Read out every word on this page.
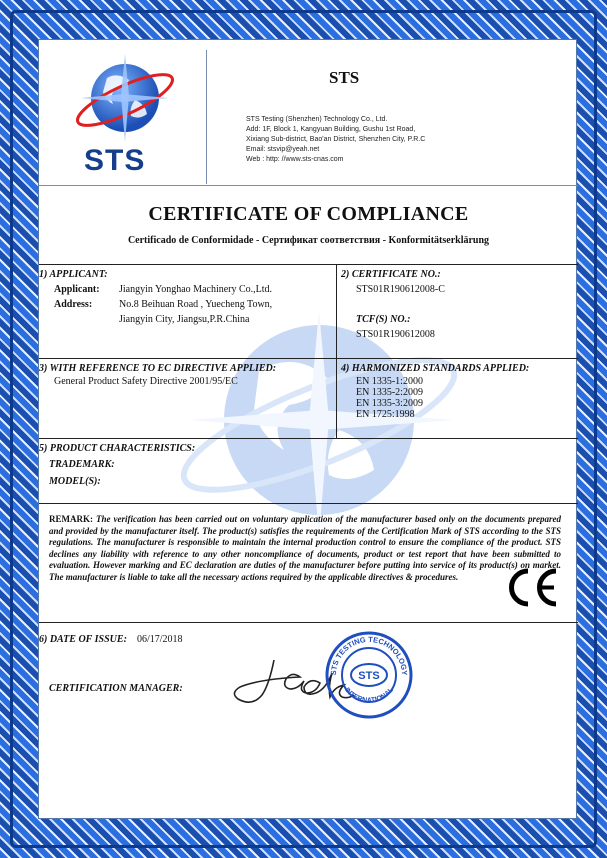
STS
STS
STS Testing (Shenzhen) Technology Co., Ltd.
Add: 1F, Block 1, Kangyuan Building, Gushu 1st Road,
Xixiang Sub-district, Bao'an District, Shenzhen City, P.R.C
Email: stsvip@yeah.net
Web : http: //www.sts-cnas.com
CERTIFICATE OF COMPLIANCE
Certificado de Conformidade - Сертификат соответствия - Konformitätserklärung
1) APPLICANT:
Applicant: Jiangyin Yonghao Machinery Co.,Ltd.
Address:	No.8 Beihuan Road , Yuecheng Town,
Jiangyin City, Jiangsu,P.R.China
2) CERTIFICATE NO.:
STS01R190612008-C
TCF(S) NO.:
STS01R190612008
3) WITH REFERENCE TO EC DIRECTIVE APPLIED:
General Product Safety Directive 2001/95/EC
4) HARMONIZED STANDARDS APPLIED:
EN 1335-1:2000
EN 1335-2:2009
EN 1335-3:2009
EN 1725:1998
5) PRODUCT CHARACTERISTICS:
TRADEMARK:
MODEL(S):
REMARK: The verification has been carried out on voluntary application of the manufacturer based only on the documents prepared and provided by the manufacturer itself. The product(s) satisfies the requirements of the Certification Mark of STS according to the STS regulations. The manufacturer is responsible to maintain the internal production control to ensure the compliance of the product. STS declines any liability with reference to any other noncompliance of documents, product or test report that have been submitted to evaluation. However marking and EC declaration are duties of the manufacturer before putting into service of its product(s) on market. The manufacturer is liable to take all the necessary actions required by the applicable directives & procedures.
6) DATE OF ISSUE: 06/17/2018
CERTIFICATION MANAGER:
STS TESTING TECHNOLOGY
INTERNATIONAL
STS
